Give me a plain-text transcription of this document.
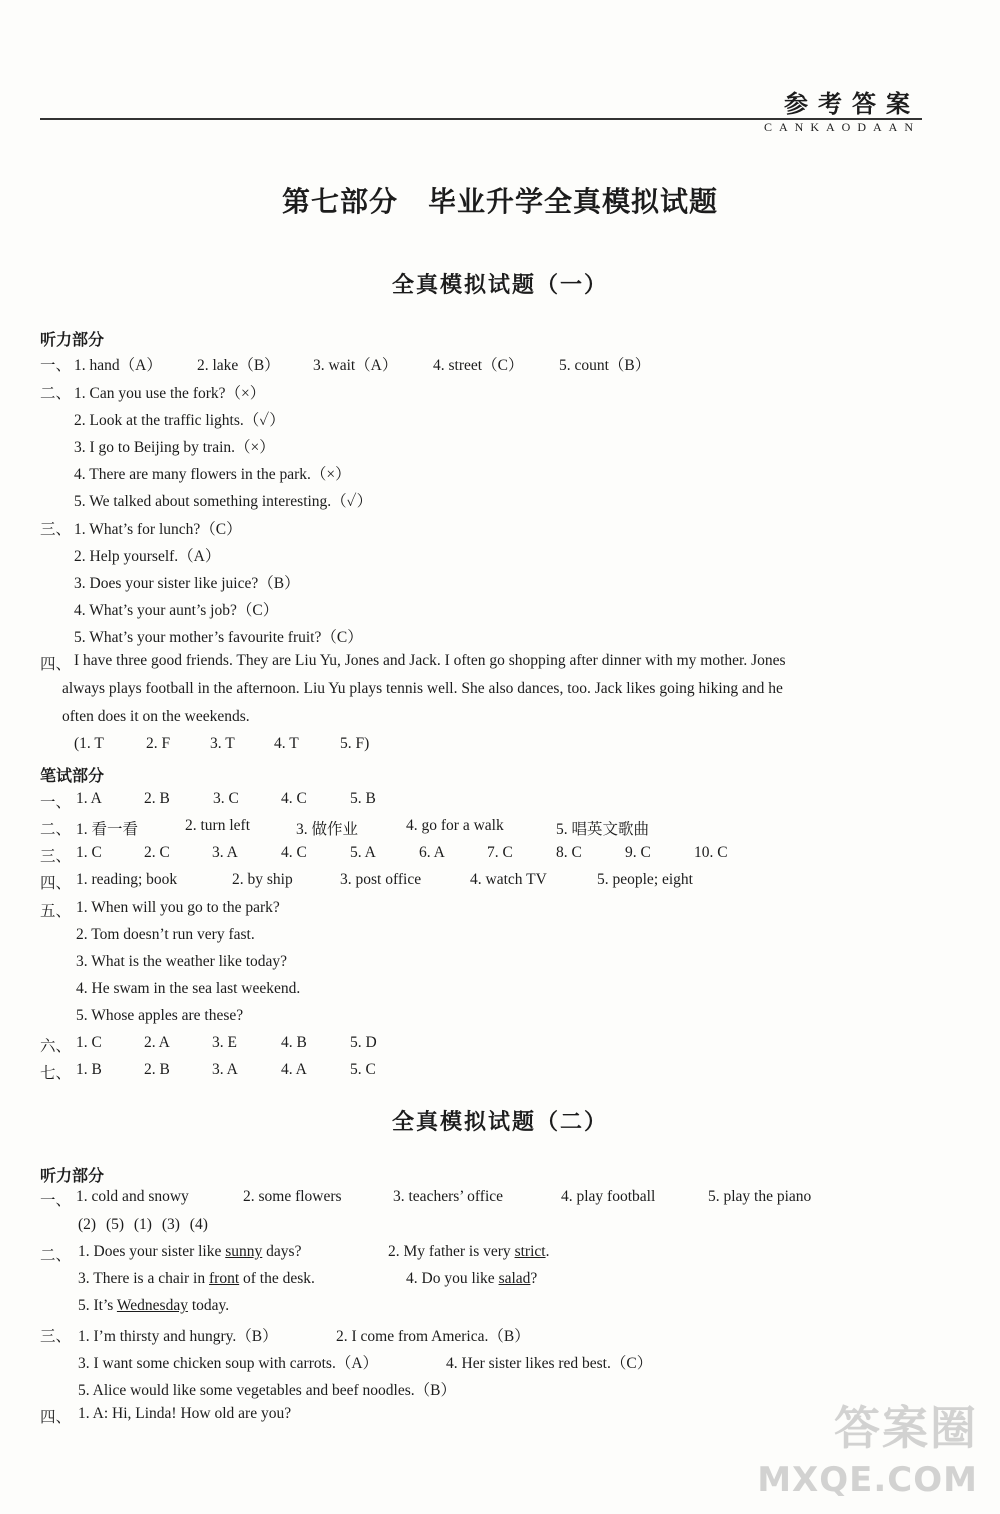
参考答案
CANKAODAAN
第七部分 毕业升学全真模拟试题
全真模拟试题（一）
听力部分
一、 1. hand（A） 2. lake（B） 3. wait（A） 4. street（C） 5. count（B）
二、 1. Can you use the fork?（×）
2. Look at the traffic lights.（✓）
3. I go to Beijing by train.（×）
4. There are many flowers in the park.（×）
5. We talked about something interesting.（✓）
三、 1. What’s for lunch?（C）
2. Help yourself.（A）
3. Does your sister like juice?（B）
4. What’s your aunt’s job?（C）
5. What’s your mother’s favourite fruit?（C）
四、 I have three good friends. They are Liu Yu, Jones and Jack. I often go shopping after dinner with my mother. Jones
always plays football in the afternoon. Liu Yu plays tennis well. She also dances, too. Jack likes going hiking and he
often does it on the weekends.
(1. T	2. F	3. T	4. T	5. F)
笔试部分
一、 1. A	2. B	3. C	4. C	5. B
二、 1. 看一看	2. turn left	3. 做作业	4. go for a walk	5. 唱英文歌曲
三、 1. C	2. C	3. A	4. C	5. A	6. A	7. C	8. C	9. C	10. C
四、 1. reading; book	2. by ship	3. post office	4. watch TV	5. people; eight
五、 1. When will you go to the park?
2. Tom doesn’t run very fast.
3. What is the weather like today?
4. He swam in the sea last weekend.
5. Whose apples are these?
六、 1. C	2. A	3. E	4. B	5. D
七、 1. B	2. B	3. A	4. A	5. C
全真模拟试题（二）
听力部分
一、 1. cold and snowy	2. some flowers	3. teachers’ office	4. play football	5. play the piano
(2) (5) (1) (3) (4)
二、 1. Does your sister like sunny days?	2. My father is very strict.
3. There is a chair in front of the desk.	4. Do you like salad?
5. It’s Wednesday today.
三、 1. I’m thirsty and hungry.（B）	2. I come from America.（B）
3. I want some chicken soup with carrots.（A）	4. Her sister likes red best.（C）
5. Alice would like some vegetables and beef noodles.（B）
四、 1. A: Hi, Linda! How old are you?	答案圈
MXQE.COM
